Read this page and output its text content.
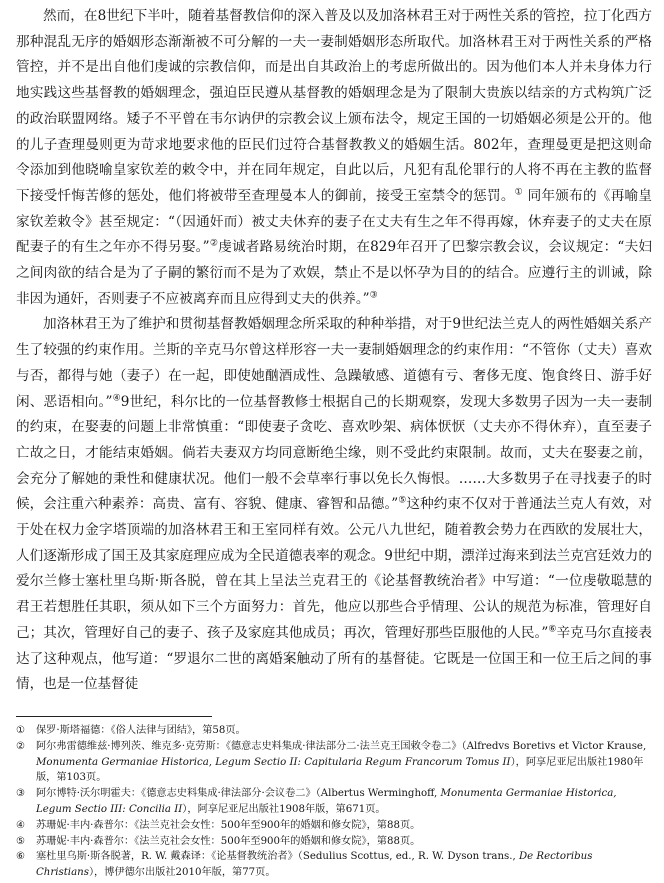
然而，在8世纪下半叶，随着基督教信仰的深入普及以及加洛林君王对于两性关系的管控，拉丁化西方那种混乱无序的婚姻形态渐渐被不可分解的一夫一妻制婚姻形态所取代。加洛林君王对于两性关系的严格管控，并不是出自他们虔诚的宗教信仰，而是出自其政治上的考虑所做出的。因为他们本人并未身体力行地实践这些基督教的婚姻理念，强迫臣民遵从基督教的婚姻理念是为了限制大贵族以结亲的方式构筑广泛的政治联盟网络。矮子不平曾在韦尔讷伊的宗教会议上颁布法令，规定王国的一切婚姻必须是公开的。他的儿子查理曼则更为苛求地要求他的臣民们过符合基督教教义的婚姻生活。802年，查理曼更是把这则命令添加到他晓喻皇家钦差的敕令中，并在同年规定，自此以后，凡犯有乱伦罪行的人将不再在主教的监督下接受忏悔苦修的惩处，他们将被带至查理曼本人的御前，接受王室禁令的惩罚。① 同年颁布的《再喻皇家钦差敕令》甚至规定：“（因通奸而）被丈夫休弃的妻子在丈夫有生之年不得再嫁，休弃妻子的丈夫在原配妻子的有生之年亦不得另娶。”②虔诚者路易统治时期，在829年召开了巴黎宗教会议，会议规定：“夫妇之间肉欲的结合是为了子嗣的繁衍而不是为了欢娱，禁止不是以怀孕为目的的结合。应遵行主的训诫，除非因为通奸，否则妻子不应被离弃而且应得到丈夫的供养。”③

加洛林君王为了维护和贯彻基督教婚姻理念所采取的种种举措，对于9世纪法兰克人的两性婚姻关系产生了较强的约束作用。兰斯的辛克马尔曾这样形容一夫一妻制婚姻理念的约束作用：“不管你（丈夫）喜欢与否，都得与她（妻子）在一起，即使她酗酒成性、急躁敏感、道德有亏、奢侈无度、饱食终日、游手好闲、恶语相向。”④9世纪，科尔比的一位基督教修士根据自己的长期观察，发现大多数男子因为一夫一妻制的约束，在娶妻的问题上非常慎重：“即使妻子贪吃、喜欢吵架、病体恹恹（丈夫亦不得休弃），直至妻子亡故之日，才能结束婚姻。倘若夫妻双方均同意断绝尘缘，则不受此约束限制。故而，丈夫在娶妻之前，会充分了解她的秉性和健康状况。他们一般不会草率行事以免长久悔恨。……大多数男子在寻找妻子的时候，会注重六种素养：高贵、富有、容貌、健康、睿智和品德。”⑤这种约束不仅对于普通法兰克人有效，对于处在权力金字塔顶端的加洛林君王和王室同样有效。公元八九世纪，随着教会势力在西欧的发展壮大，人们逐渐形成了国王及其家庭理应成为全民道德表率的观念。9世纪中期，漂洋过海来到法兰克宫廷效力的爱尔兰修士塞杜里乌斯·斯各脱，曾在其上呈法兰克君王的《论基督教统治者》中写道：“一位虔敬聪慧的君王若想胜任其职，须从如下三个方面努力：首先，他应以那些合乎情理、公认的规范为标准，管理好自己；其次，管理好自己的妻子、孩子及家庭其他成员；再次，管理好那些臣服他的人民。”⑥辛克马尔直接表达了这种观点，他写道：“罗退尔二世的离婚案触动了所有的基督徒。它既是一位国王和一位王后之间的事情，也是一位基督徒

①	保罗·斯塔福德：《俗人法律与团结》，第58页。
②	阿尔弗雷德维兹·博列茨、维克多·克劳斯：《德意志史料集成·律法部分二·法兰克王国敕令卷二》（Alfredvs Boretivs et Victor Krause, Monumenta Germaniae Historica, Legum Sectio II: Capitularia Regum Francorum Tomus II），阿享尼亚尼出版社1980年版，第103页。
③	阿尔博特·沃尔明霍夫：《德意志史料集成·律法部分·会议卷二》（Albertus Werminghoff, Monumenta Germaniae Historica, Legum Sectio III: Concilia II），阿享尼亚尼出版社1908年版，第671页。
④	苏珊妮·丰内·森普尔：《法兰克社会女性：500年至900年的婚姻和修女院》，第88页。
⑤	苏珊妮·丰内·森普尔：《法兰克社会女性：500年至900年的婚姻和修女院》，第88页。
⑥	塞杜里乌斯·斯各脱著，R. W. 戴森译：《论基督教统治者》（Sedulius Scottus, ed., R. W. Dyson trans., De Rectoribus Christians），博伊德尔出版社2010年版，第77页。
